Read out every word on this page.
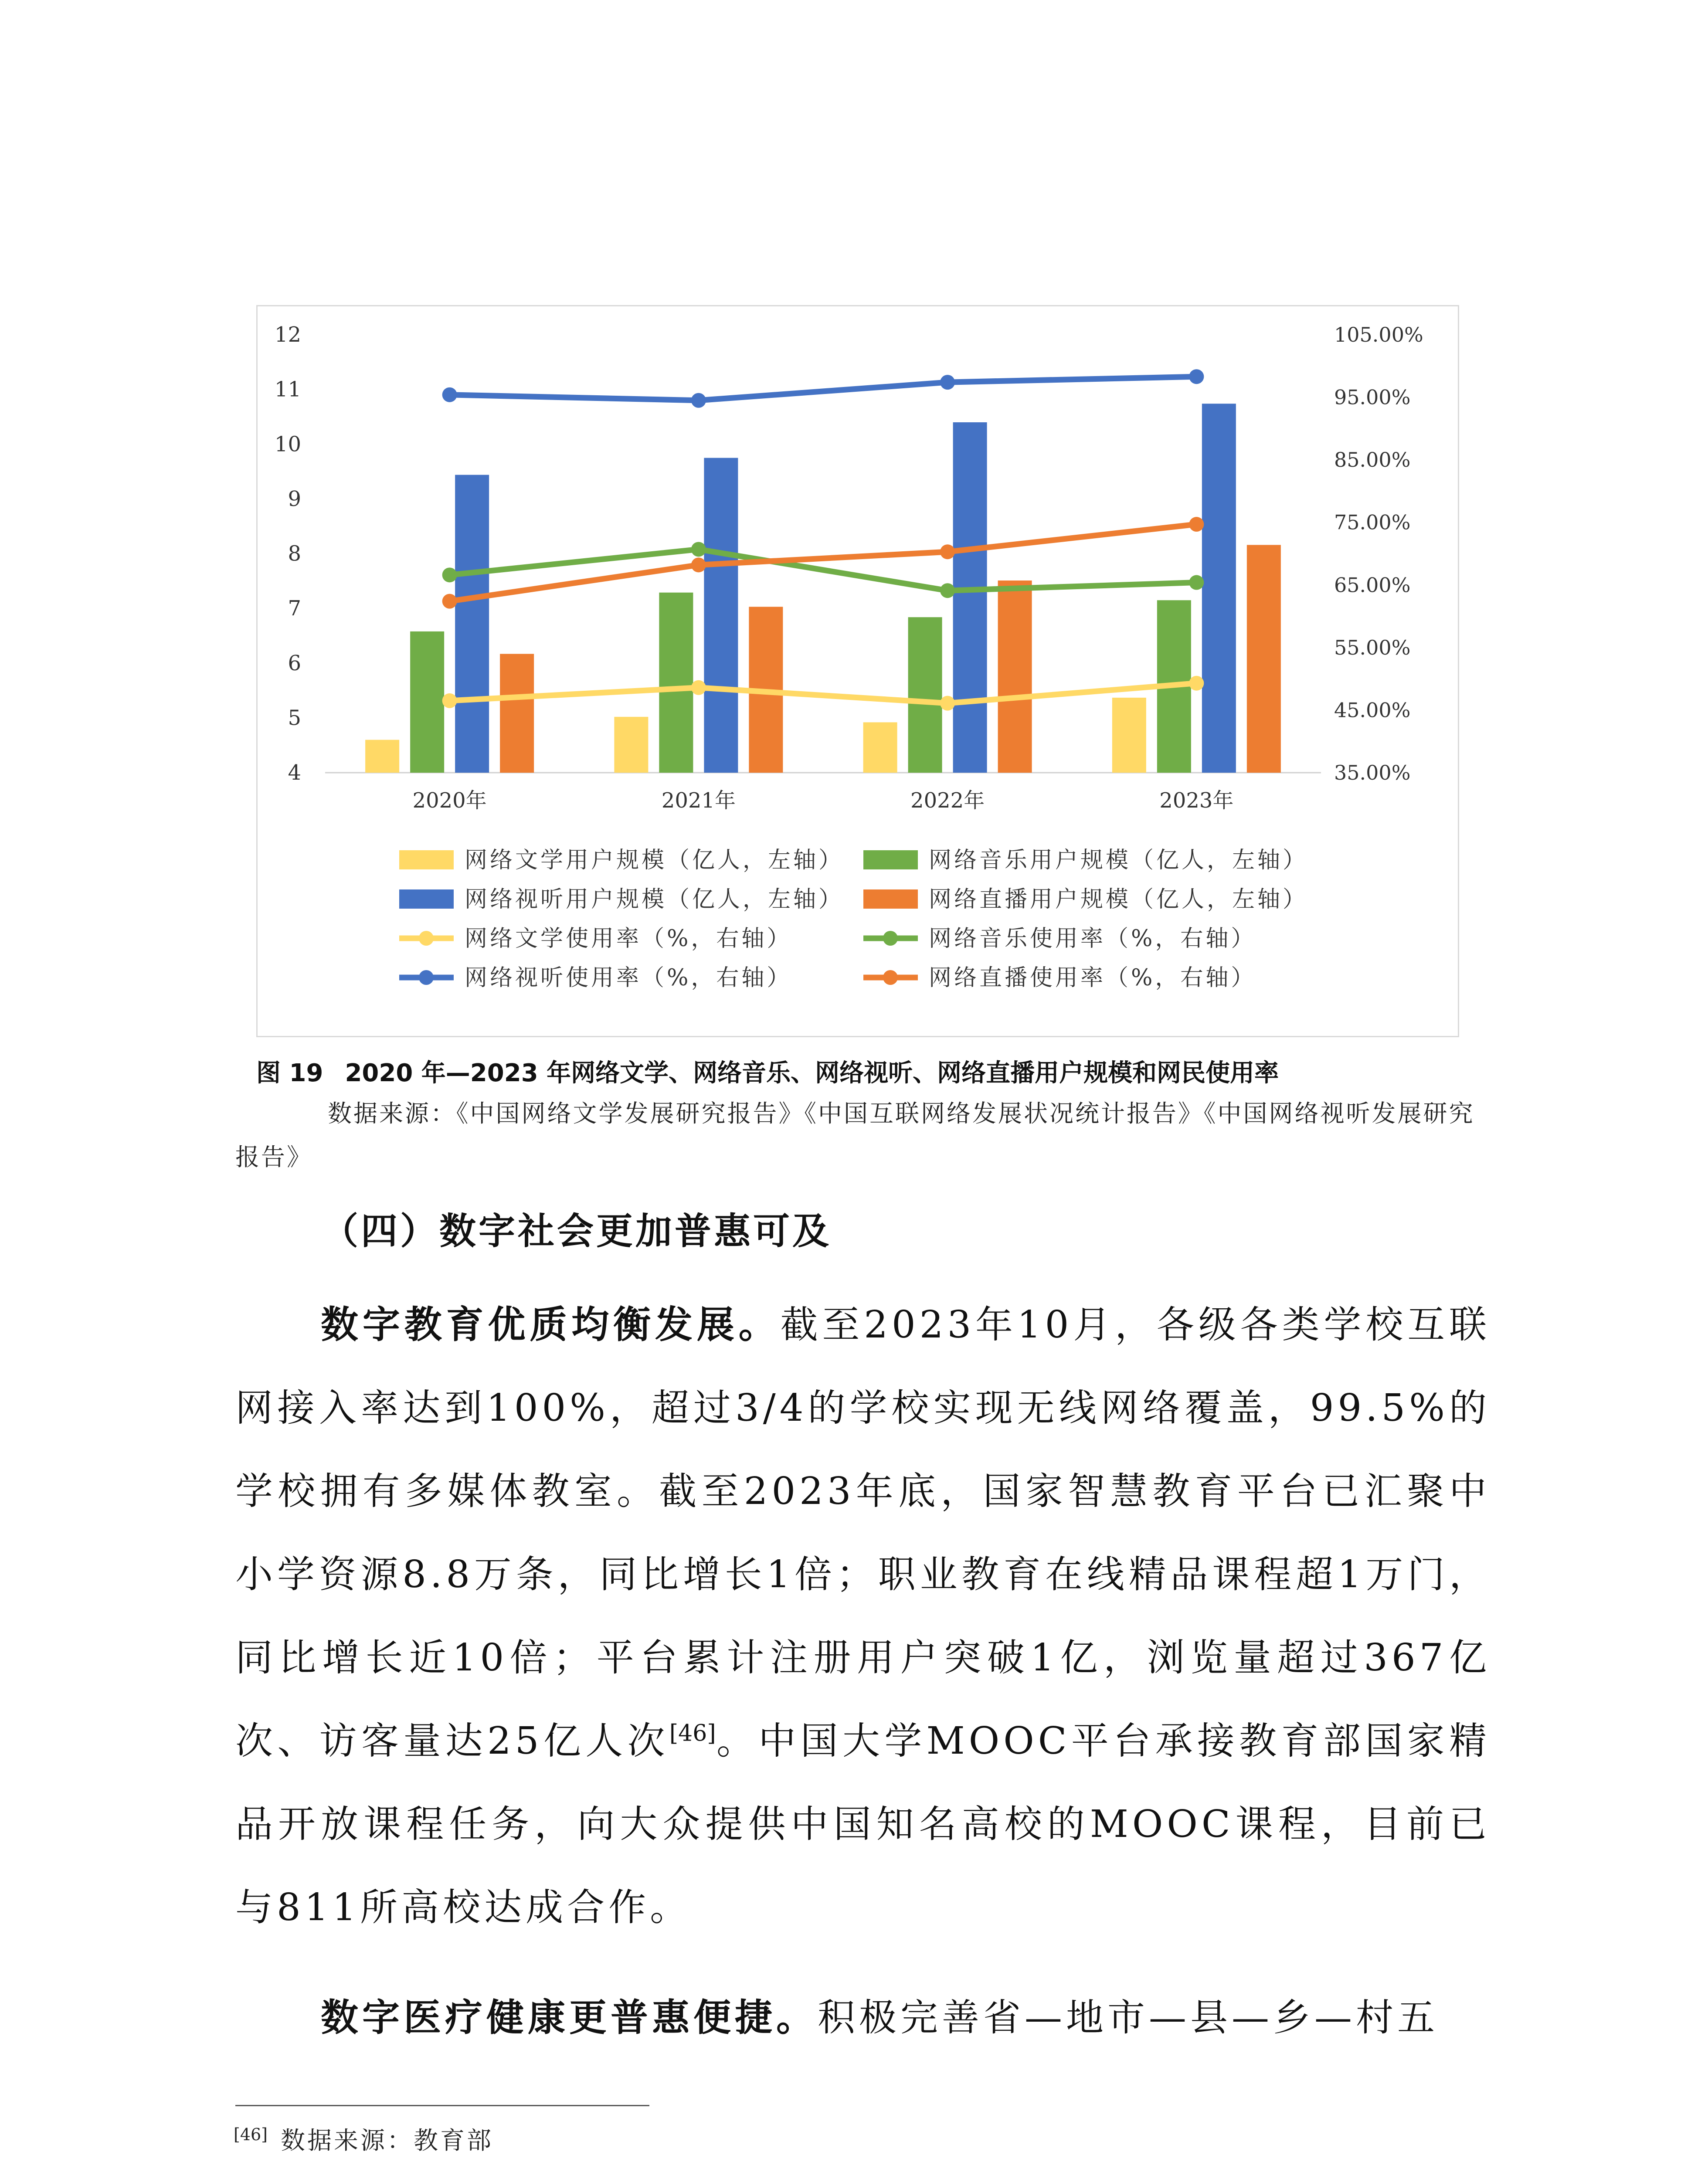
4
5
6
7
8
9
10
11
12
35.00%
45.00%
55.00%
65.00%
75.00%
85.00%
95.00%
105.00%
2020年	2021年	2022年	2023年
网络文学用户规模（亿人，左轴）	网络音乐用户规模（亿人，左轴）
网络视听用户规模（亿人，左轴）	网络直播用户规模（亿人，左轴）
网络文学使用率（%，右轴）	网络音乐使用率（%，右轴）
网络视听使用率（%，右轴）	网络直播使用率（%，右轴）
图 19 2020 年—2023 年网络文学、网络音乐、网络视听、网络直播用户规模和网民使用率
数据来源：《中国网络文学发展研究报告》《中国互联网络发展状况统计报告》《中国网络视听发展研究报告》
（四）数字社会更加普惠可及
数字教育优质均衡发展。截至2023年10月，各级各类学校互联网接入率达到100%，超过3/4的学校实现无线网络覆盖，99.5%的学校拥有多媒体教室。截至2023年底，国家智慧教育平台已汇聚中小学资源8.8万条，同比增长1倍；职业教育在线精品课程超1万门，同比增长近10倍；平台累计注册用户突破1亿，浏览量超过367亿次、访客量达25亿人次[46]。中国大学MOOC平台承接教育部国家精品开放课程任务，向大众提供中国知名高校的MOOC课程，目前已与811所高校达成合作。
数字医疗健康更普惠便捷。积极完善省—地市—县—乡—村五
[46] 数据来源：教育部
